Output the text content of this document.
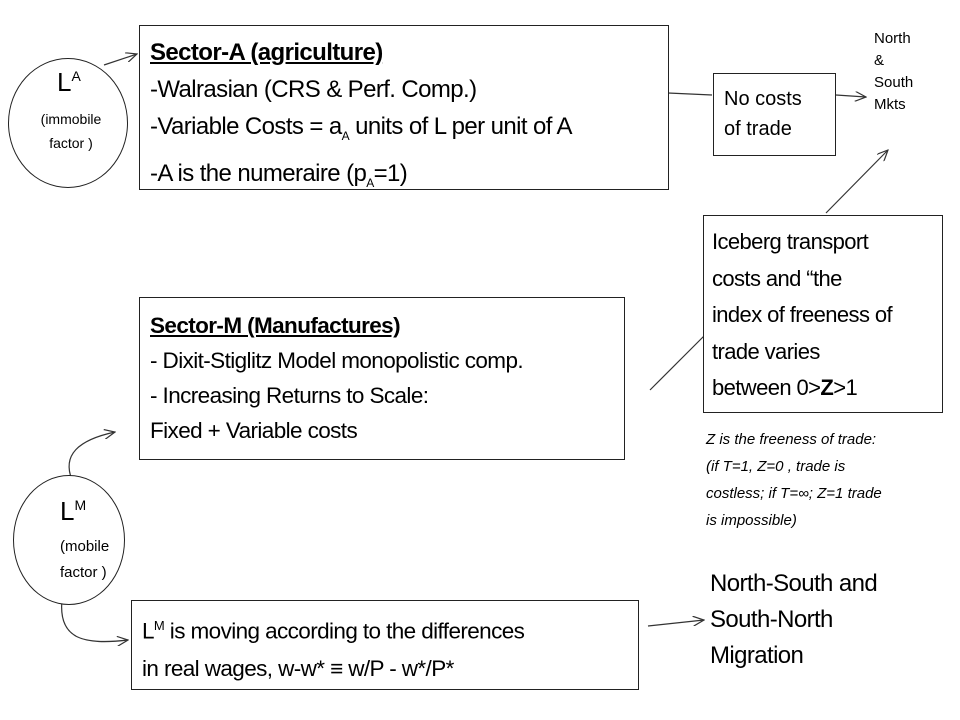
$L^A$
(immobile
factor )
Sector-A (agriculture)
-Walrasian (CRS & Perf. Comp.)
-Variable Costs = $a_A$ units of L per unit of A
-A is the numeraire $(p_A=1)$
No costs
of trade
North
&
South
Mkts
Iceberg transport
costs and “the
index of freeness of
trade varies
between 0>Z>1
Z is the freeness of trade:
(if T=1, Z=0 , trade is
costless; if T=∞; Z=1 trade
is impossible)
Sector-M (Manufactures)
- Dixit-Stiglitz Model monopolistic comp.
- Increasing Returns to Scale:
Fixed + Variable costs
$L^M$
(mobile
factor )
$L^M$ is moving according to the differences
in real wages, w-w* ≡ w/P - w*/P*
North-South and
South-North
Migration
